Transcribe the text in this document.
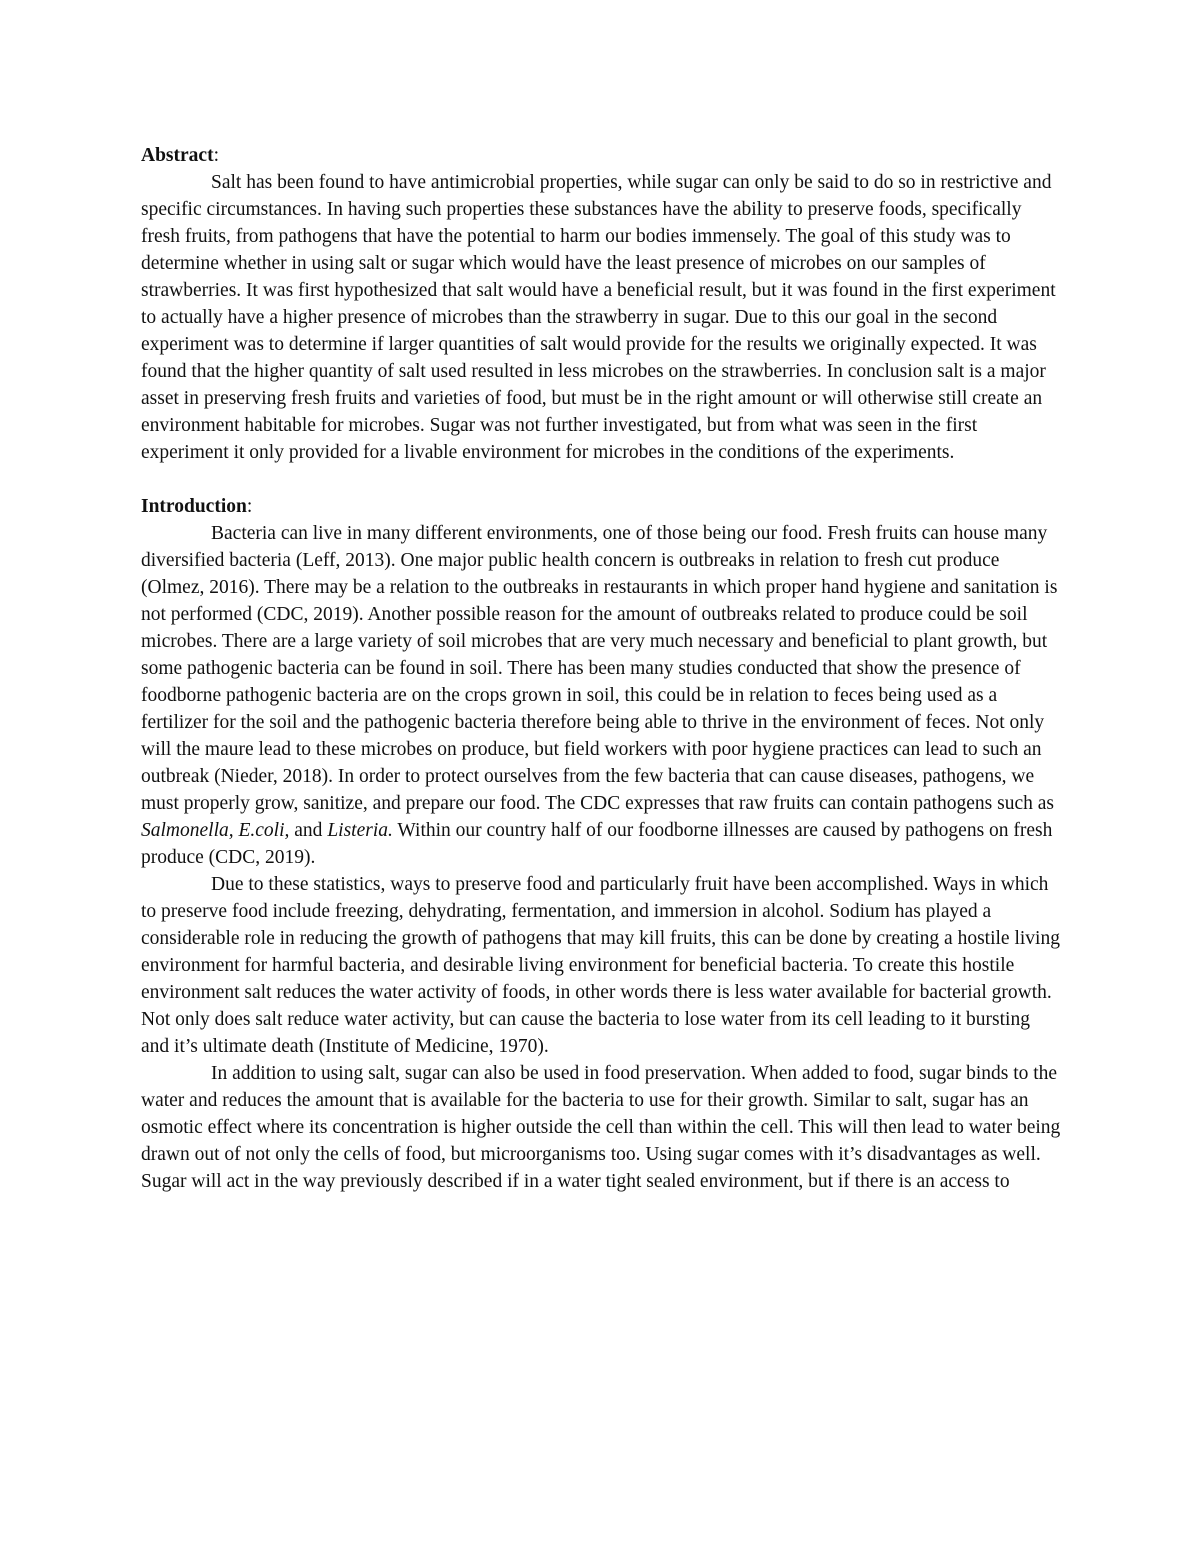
Abstract:

Salt has been found to have antimicrobial properties, while sugar can only be said to do so in restrictive and specific circumstances. In having such properties these substances have the ability to preserve foods, specifically fresh fruits, from pathogens that have the potential to harm our bodies immensely. The goal of this study was to determine whether in using salt or sugar which would have the least presence of microbes on our samples of strawberries. It was first hypothesized that salt would have a beneficial result, but it was found in the first experiment to actually have a higher presence of microbes than the strawberry in sugar. Due to this our goal in the second experiment was to determine if larger quantities of salt would provide for the results we originally expected. It was found that the higher quantity of salt used resulted in less microbes on the strawberries. In conclusion salt is a major asset in preserving fresh fruits and varieties of food, but must be in the right amount or will otherwise still create an environment habitable for microbes. Sugar was not further investigated, but from what was seen in the first experiment it only provided for a livable environment for microbes in the conditions of the experiments.

Introduction:

Bacteria can live in many different environments, one of those being our food. Fresh fruits can house many diversified bacteria (Leff, 2013). One major public health concern is outbreaks in relation to fresh cut produce (Olmez, 2016). There may be a relation to the outbreaks in restaurants in which proper hand hygiene and sanitation is not performed (CDC, 2019). Another possible reason for the amount of outbreaks related to produce could be soil microbes. There are a large variety of soil microbes that are very much necessary and beneficial to plant growth, but some pathogenic bacteria can be found in soil. There has been many studies conducted that show the presence of foodborne pathogenic bacteria are on the crops grown in soil, this could be in relation to feces being used as a fertilizer for the soil and the pathogenic bacteria therefore being able to thrive in the environment of feces. Not only will the maure lead to these microbes on produce, but field workers with poor hygiene practices can lead to such an outbreak (Nieder, 2018). In order to protect ourselves from the few bacteria that can cause diseases, pathogens, we must properly grow, sanitize, and prepare our food. The CDC expresses that raw fruits can contain pathogens such as Salmonella, E.coli, and Listeria. Within our country half of our foodborne illnesses are caused by pathogens on fresh produce (CDC, 2019).

Due to these statistics, ways to preserve food and particularly fruit have been accomplished. Ways in which to preserve food include freezing, dehydrating, fermentation, and immersion in alcohol. Sodium has played a considerable role in reducing the growth of pathogens that may kill fruits, this can be done by creating a hostile living environment for harmful bacteria, and desirable living environment for beneficial bacteria. To create this hostile environment salt reduces the water activity of foods, in other words there is less water available for bacterial growth. Not only does salt reduce water activity, but can cause the bacteria to lose water from its cell leading to it bursting and it’s ultimate death (Institute of Medicine, 1970).

In addition to using salt, sugar can also be used in food preservation. When added to food, sugar binds to the water and reduces the amount that is available for the bacteria to use for their growth. Similar to salt, sugar has an osmotic effect where its concentration is higher outside the cell than within the cell. This will then lead to water being drawn out of not only the cells of food, but microorganisms too. Using sugar comes with it’s disadvantages as well. Sugar will act in the way previously described if in a water tight sealed environment, but if there is an access to
